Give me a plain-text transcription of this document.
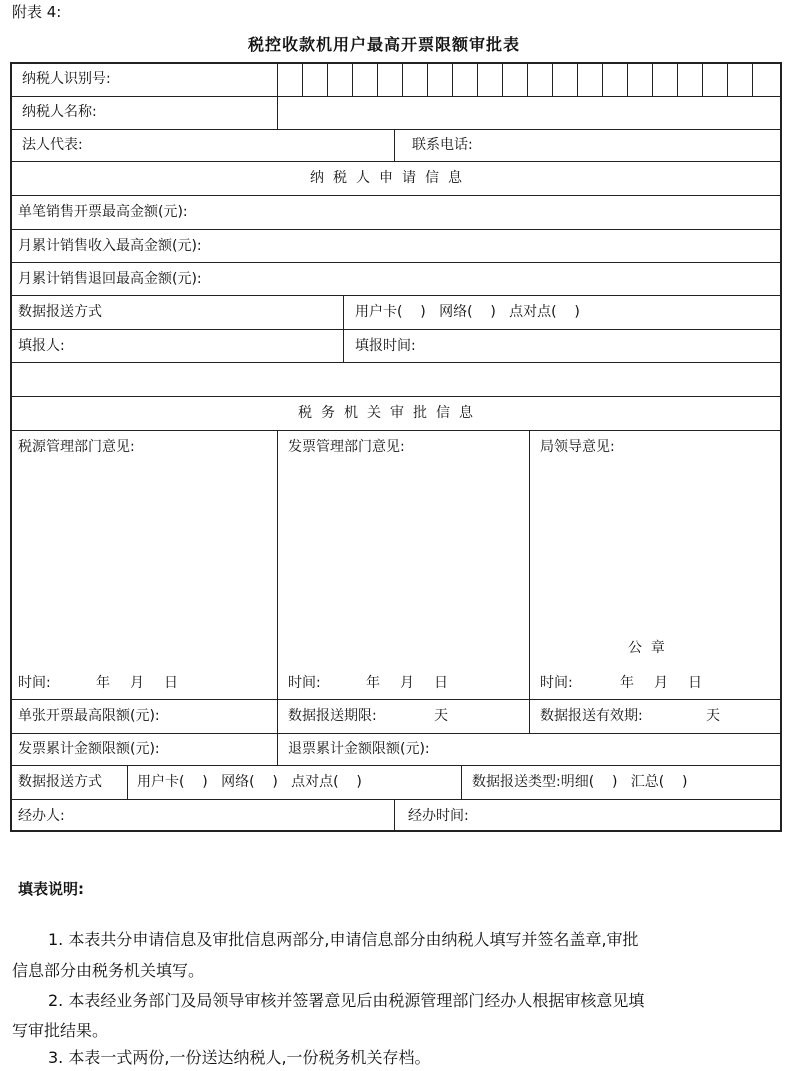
附表 4:
税控收款机用户最高开票限额审批表
纳税人识别号:
纳税人名称:
法人代表:	联系电话:
纳税人申请信息
单笔销售开票最高金额(元):
月累计销售收入最高金额(元):
月累计销售退回最高金额(元):
数据报送方式	用户卡(    )   网络(    )   点对点(    )
填报人:	填报时间:
税务机关审批信息
税源管理部门意见:	发票管理部门意见:	局领导意见:
公  章
时间:	年 月 日	时间:	年 月 日	时间:	年 月 日
单张开票最高限额(元):	数据报送期限:	天	数据报送有效期:	天
发票累计金额限额(元):	退票累计金额限额(元):
数据报送方式	用户卡(    )   网络(    )   点对点(    )	数据报送类型:明细(    )   汇总(    )
经办人:	经办时间:
填表说明:
1. 本表共分申请信息及审批信息两部分,申请信息部分由纳税人填写并签名盖章,审批
信息部分由税务机关填写。
2. 本表经业务部门及局领导审核并签署意见后由税源管理部门经办人根据审核意见填
写审批结果。
3. 本表一式两份,一份送达纳税人,一份税务机关存档。
